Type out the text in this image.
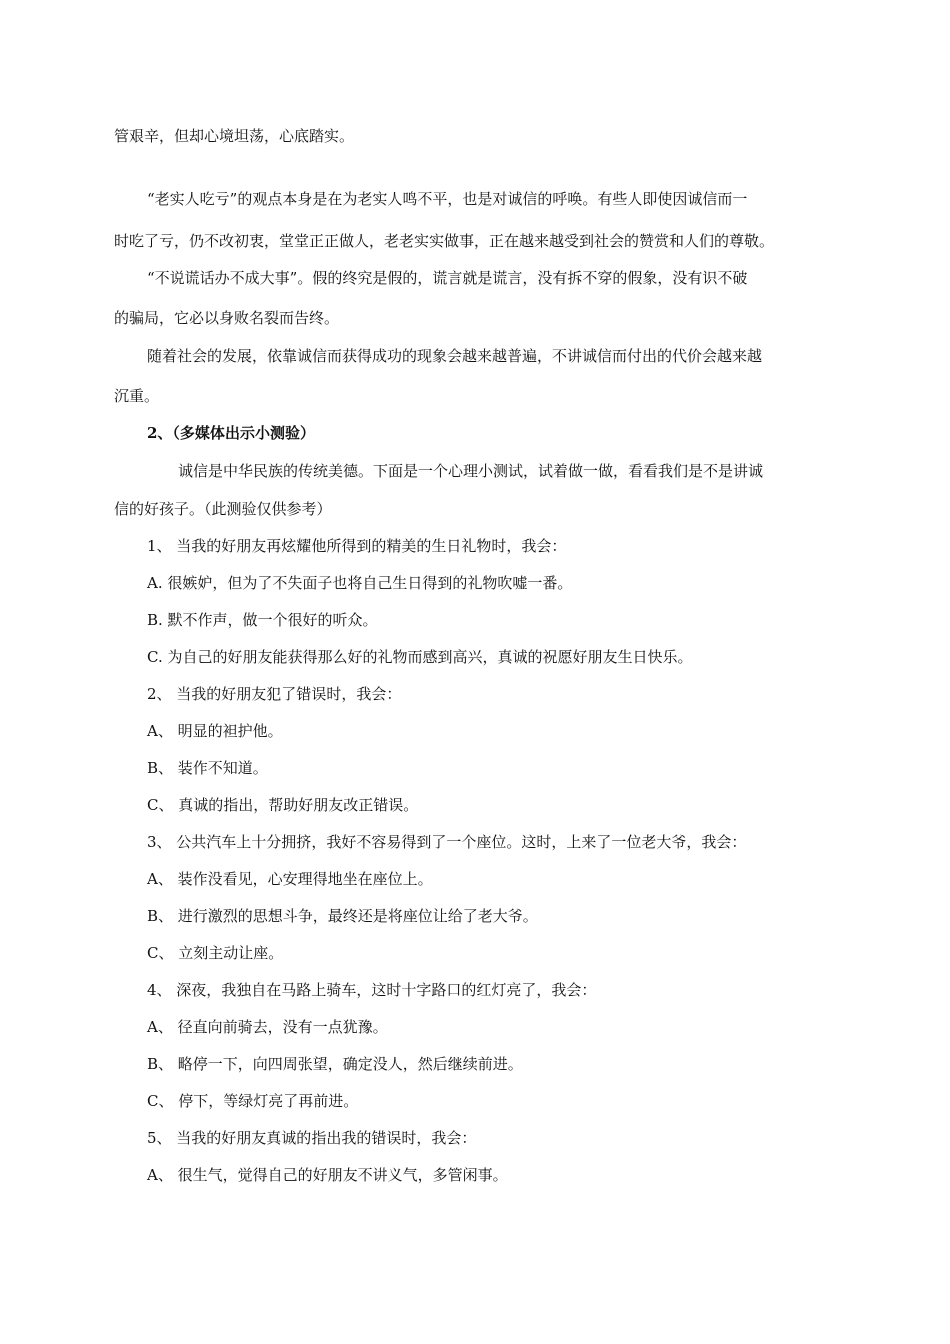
管艰辛，但却心境坦荡，心底踏实。
“老实人吃亏”的观点本身是在为老实人鸣不平，也是对诚信的呼唤。有些人即使因诚信而一
时吃了亏，仍不改初衷，堂堂正正做人，老老实实做事，正在越来越受到社会的赞赏和人们的尊敬。
“不说谎话办不成大事”。假的终究是假的，谎言就是谎言，没有拆不穿的假象，没有识不破
的骗局，它必以身败名裂而告终。
随着社会的发展，依靠诚信而获得成功的现象会越来越普遍，不讲诚信而付出的代价会越来越
沉重。
2、（多媒体出示小测验）
诚信是中华民族的传统美德。下面是一个心理小测试，试着做一做，看看我们是不是讲诚
信的好孩子。（此测验仅供参考）
1、 当我的好朋友再炫耀他所得到的精美的生日礼物时，我会：
A. 很嫉妒，但为了不失面子也将自己生日得到的礼物吹嘘一番。
B. 默不作声，做一个很好的听众。
C. 为自己的好朋友能获得那么好的礼物而感到高兴，真诚的祝愿好朋友生日快乐。
2、 当我的好朋友犯了错误时，我会：
A、 明显的袒护他。
B、 装作不知道。
C、 真诚的指出，帮助好朋友改正错误。
3、 公共汽车上十分拥挤，我好不容易得到了一个座位。这时，上来了一位老大爷，我会：
A、 装作没看见，心安理得地坐在座位上。
B、 进行激烈的思想斗争，最终还是将座位让给了老大爷。
C、 立刻主动让座。
4、 深夜，我独自在马路上骑车，这时十字路口的红灯亮了，我会：
A、 径直向前骑去，没有一点犹豫。
B、 略停一下，向四周张望，确定没人，然后继续前进。
C、 停下，等绿灯亮了再前进。
5、 当我的好朋友真诚的指出我的错误时，我会：
A、 很生气，觉得自己的好朋友不讲义气，多管闲事。
